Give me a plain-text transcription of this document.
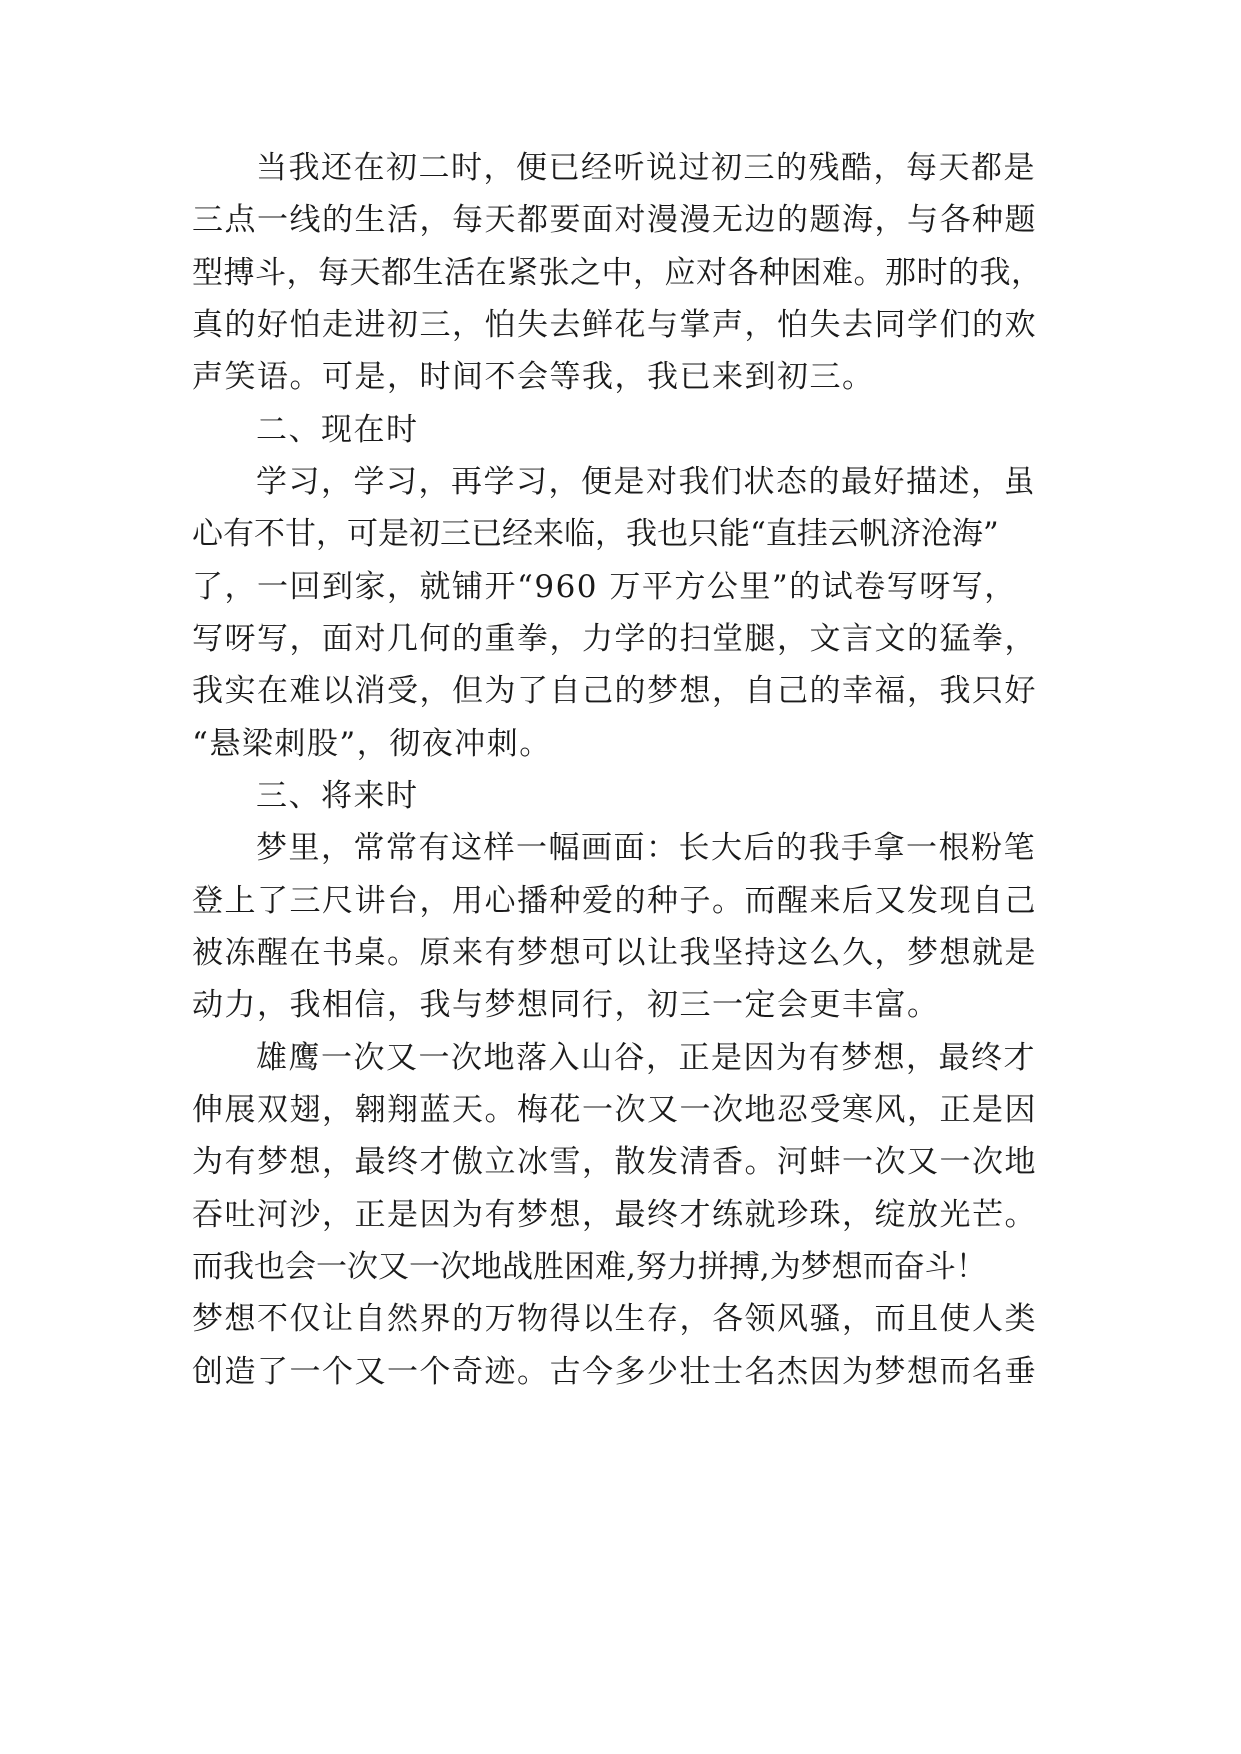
当我还在初二时，便已经听说过初三的残酷，每天都是

三点一线的生活，每天都要面对漫漫无边的题海，与各种题

型搏斗，每天都生活在紧张之中，应对各种困难。那时的我，

真的好怕走进初三，怕失去鲜花与掌声，怕失去同学们的欢

声笑语。可是，时间不会等我，我已来到初三。

二、现在时

学习，学习，再学习，便是对我们状态的最好描述，虽

心有不甘，可是初三已经来临，我也只能“直挂云帆济沧海”

了，一回到家，就铺开“960 万平方公里”的试卷写呀写，

写呀写，面对几何的重拳，力学的扫堂腿，文言文的猛拳，

我实在难以消受，但为了自己的梦想，自己的幸福，我只好

“悬梁刺股”，彻夜冲刺。

三、将来时

梦里，常常有这样一幅画面：长大后的我手拿一根粉笔

登上了三尺讲台，用心播种爱的种子。而醒来后又发现自己

被冻醒在书桌。原来有梦想可以让我坚持这么久，梦想就是

动力，我相信，我与梦想同行，初三一定会更丰富。

雄鹰一次又一次地落入山谷，正是因为有梦想，最终才

伸展双翅，翱翔蓝天。梅花一次又一次地忍受寒风，正是因

为有梦想，最终才傲立冰雪，散发清香。河蚌一次又一次地

吞吐河沙，正是因为有梦想，最终才练就珍珠，绽放光芒。

而我也会一次又一次地战胜困难,努力拼搏,为梦想而奋斗！

梦想不仅让自然界的万物得以生存，各领风骚，而且使人类

创造了一个又一个奇迹。古今多少壮士名杰因为梦想而名垂
